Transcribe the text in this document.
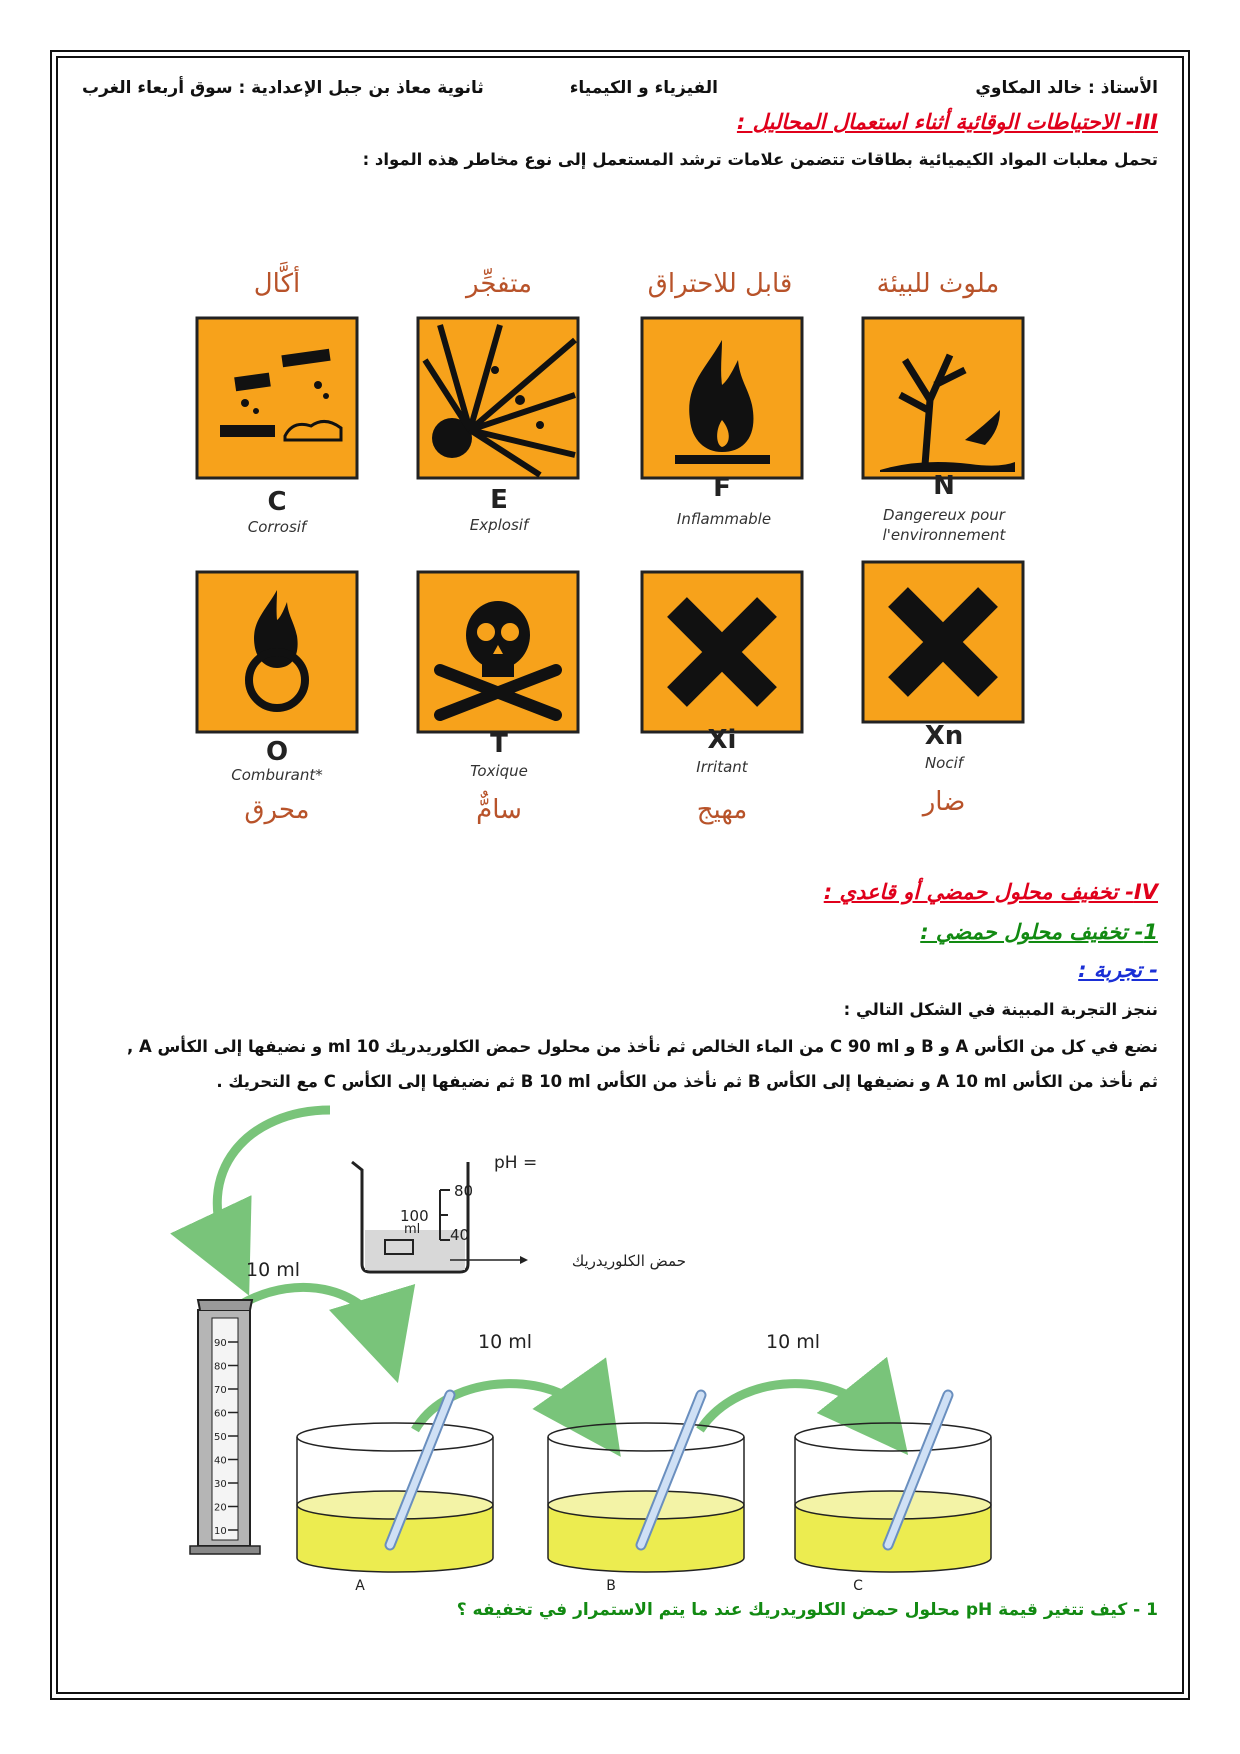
الأستاذ : خالد المكاوي
الفيزياء و الكيمياء
ثانوية معاذ بن جبل الإعدادية : سوق أربعاء الغرب
III- الاحتياطات الوقائية أثناء استعمال المحاليل :
تحمل معلبات المواد الكيميائية بطاقات تتضمن علامات ترشد المستعمل إلى نوع مخاطر هذه المواد :
IV- تخفيف محلول حمضي أو قاعدي :
1- تخفيف محلول حمضي :
- تجربة :
ننجز التجربة المبينة في الشكل التالي :
نضع في كل من الكأس A و B و C 90 ml من الماء الخالص ثم نأخذ من محلول حمض الكلوريدريك 10 ml و نضيفها إلى الكأس A ,
ثم نأخذ من الكأس A 10 ml و نضيفها إلى الكأس B ثم نأخذ من الكأس B 10 ml ثم نضيفها إلى الكأس C مع التحريك .
1 - كيف تتغير قيمة pH محلول حمض الكلوريدريك عند ما يتم الاستمرار في تخفيفه ؟
أكَّال	متفجِّر	قابل للاحتراق	ملوث للبيئة
C	E	F	N
Corrosif	Explosif	Inflammable	Dangereux pour
l'environnement
O	T	Xi	Xn
Comburant*	Toxique	Irritant	Nocif
محرق	سامٌّ	مهيج	ضار
80
100
ml 40
pH =
حمض الكلوريدريك
10 ml
10 ml	10 ml
90
80
70
60
50
40
30
20
10
A	B	C
